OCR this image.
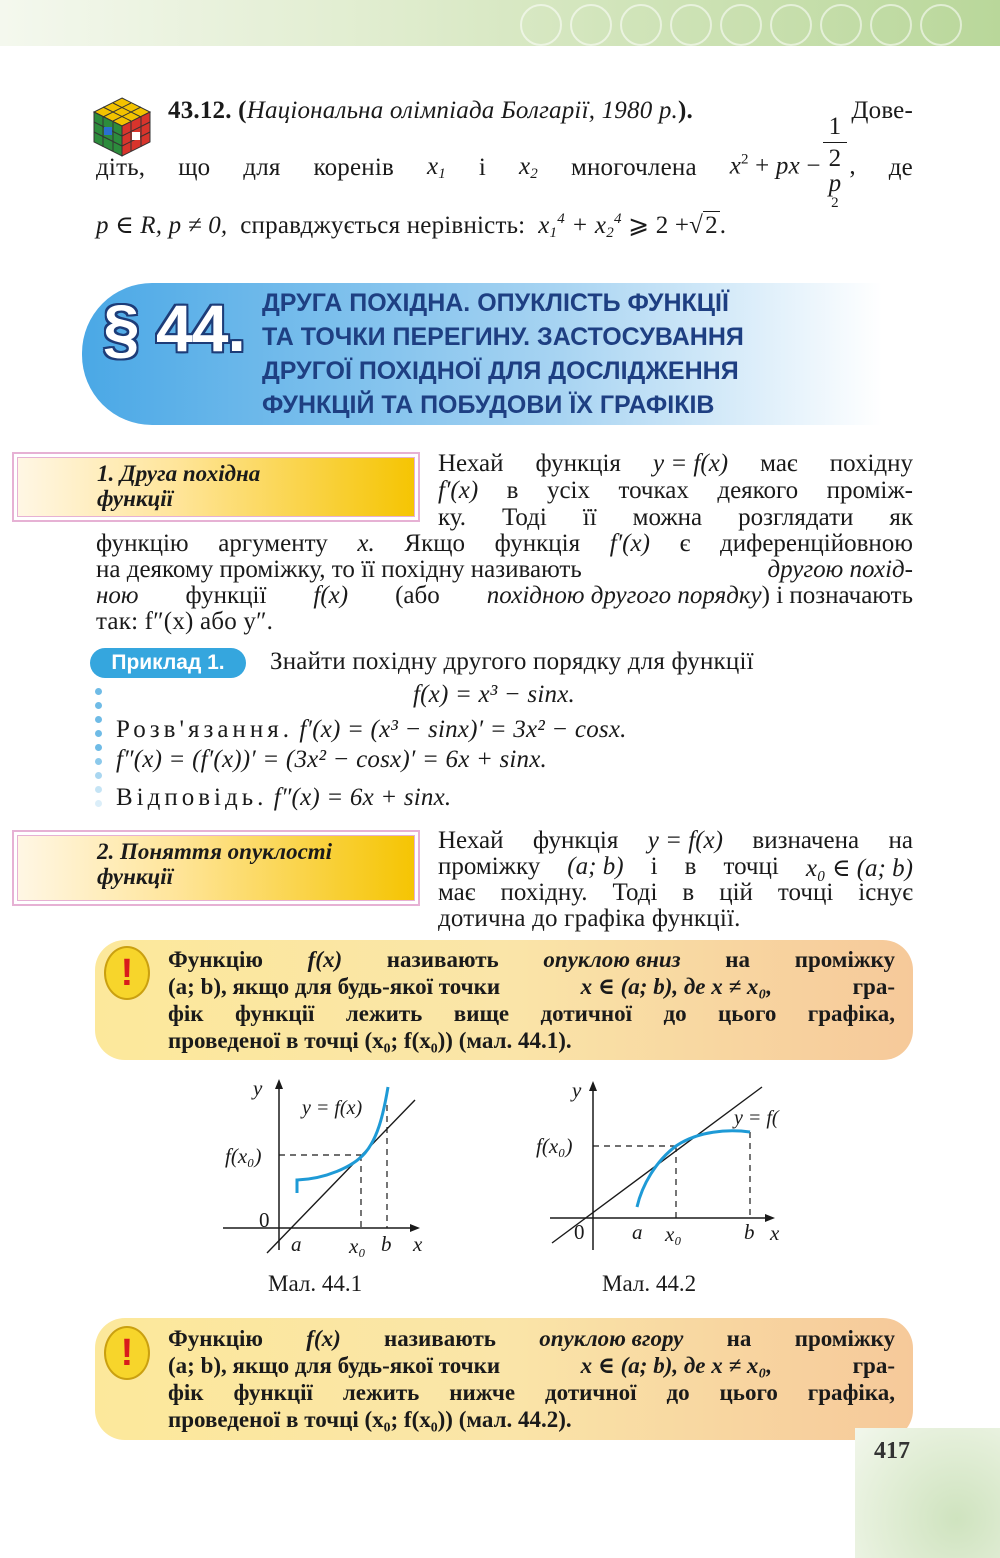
43.12. (Національна олімпіада Болгарії, 1980 р.).	Дове-
діть, що для коренів $x_1$ і $x_2$ многочлена $x^2$ + px − 1
2
p
$^2$ , де
p ∈ R, p ≠ 0, справджується нерівність: $x_1^4 + x_2^4$ ⩾ 2 +√2.
§ 44. ДРУГА ПОХІДНА. ОПУКЛІСТЬ ФУНКЦІЇ
ТА ТОЧКИ ПЕРЕГИНУ. ЗАСТОСУВАННЯ
ДРУГОЇ ПОХІДНОЇ ДЛЯ ДОСЛІДЖЕННЯ
ФУНКЦІЙ ТА ПОБУДОВИ ЇХ ГРАФІКІВ
1. Друга похідна
функції
Нехай функція y = f(x) має похідну
f′(x) в усіх точках деякого проміж-
ку. Тоді її можна розглядати як
функцію аргументу x. Якщо функція f′(x) є диференційовною
на деякому проміжку, то її похідну називають	другою похід-
ною функції f(x) (або похідною другого порядку) і позначають
так: f″(x) або y″.
Приклад 1.	Знайти похідну другого порядку для функції
f(x) = x³ − sinx.
Розв'язання. f′(x) = (x³ − sinx)′ = 3x² − cosx.
f″(x) = (f′(x))′ = (3x² − cosx)′ = 6x + sinx.
Відповідь. f″(x) = 6x + sinx.
2. Поняття опуклості
функції
Нехай функція y = f(x) визначена на
проміжку (a; b) і в точці x₀ ∈ (a; b)
має похідну. Тоді в цій точці існує
дотична до графіка функції.
!	Функцію f(x) називають опуклою вниз на проміжку
(a; b), якщо для будь-якої точки	x ∈ (a; b), де x ≠ x₀,	гра-
фік функції лежить вище дотичної до цього графіка,
проведеної в точці (x₀; f(x₀)) (мал. 44.1).
y
x
y = f(x)
f(x₀)
0
a x₀ b
Мал. 44.1
y
x
y = f(
f(x₀)
0 a x₀	b
Мал. 44.2
!	Функцію f(x) називають опуклою вгору на проміжку
(a; b), якщо для будь-якої точки	x ∈ (a; b), де x ≠ x₀,	гра-
фік функції лежить нижче дотичної до цього графіка,
проведеної в точці (x₀; f(x₀)) (мал. 44.2).
417
